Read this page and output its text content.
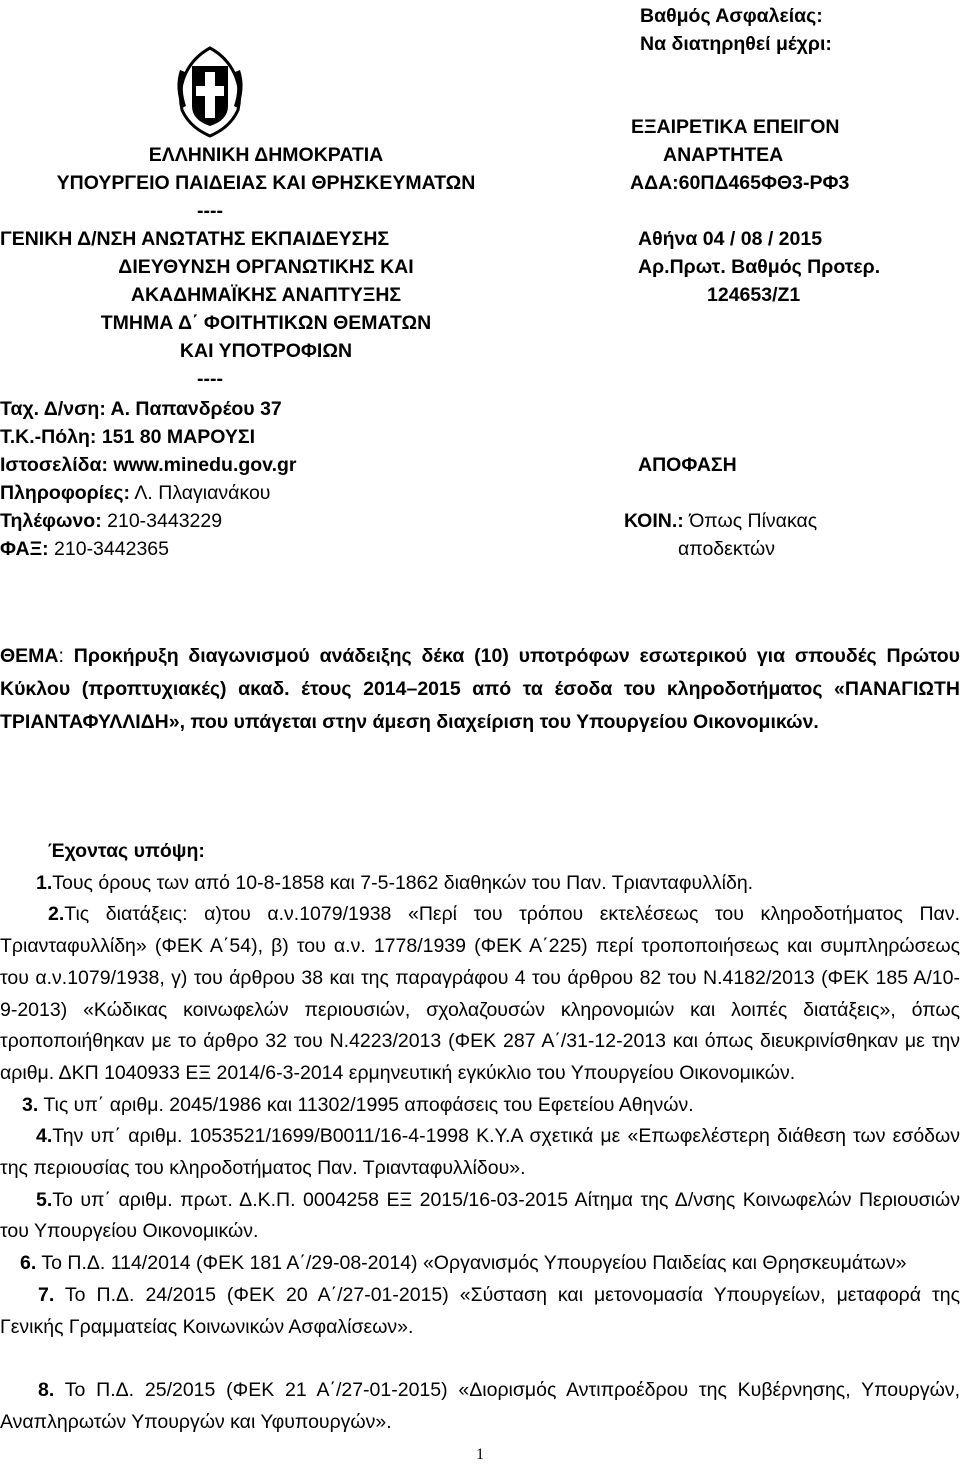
Βαθμός Ασφαλείας:
Να διατηρηθεί μέχρι:
ΕΞΑΙΡΕΤΙΚΑ ΕΠΕΙΓΟΝ
ΑΝΑΡΤΗΤΕΑ
ΑΔΑ:60ΠΔ465ΦΘ3-ΡΦ3
ΕΛΛΗΝΙΚΗ ΔΗΜΟΚΡΑΤΙΑ
ΥΠΟΥΡΓΕΙΟ ΠΑΙΔΕΙΑΣ ΚΑΙ ΘΡΗΣΚΕΥΜΑΤΩΝ
----
ΓΕΝΙΚΗ Δ/ΝΣΗ ΑΝΩΤΑΤΗΣ ΕΚΠΑΙΔΕΥΣΗΣ
ΔΙΕΥΘΥΝΣΗ ΟΡΓΑΝΩΤΙΚΗΣ ΚΑΙ
ΑΚΑΔΗΜΑΪΚΗΣ ΑΝΑΠΤΥΞΗΣ
ΤΜΗΜΑ Δ΄ ΦΟΙΤΗΤΙΚΩΝ ΘΕΜΑΤΩΝ
ΚΑΙ ΥΠΟΤΡΟΦΙΩΝ
----
Ταχ. Δ/νση: Α. Παπανδρέου 37
Τ.Κ.-Πόλη: 151 80 ΜΑΡΟΥΣΙ
Ιστοσελίδα: www.minedu.gov.gr
Πληροφορίες: Λ. Πλαγιανάκου
Τηλέφωνο: 210-3443229
ΦΑΞ: 210-3442365
Αθήνα 04 / 08 / 2015
Αρ.Πρωτ. Βαθμός Προτερ.
124653/Ζ1
ΑΠΟΦΑΣΗ
ΚΟΙΝ.: Όπως Πίνακας
αποδεκτών
ΘΕΜΑ: Προκήρυξη διαγωνισμού ανάδειξης δέκα (10) υποτρόφων εσωτερικού για σπουδές Πρώτου Κύκλου (προπτυχιακές) ακαδ. έτους 2014–2015 από τα έσοδα του κληροδοτήματος «ΠΑΝΑΓΙΩΤΗ ΤΡΙΑΝΤΑΦΥΛΛΙΔΗ», που υπάγεται στην άμεση διαχείριση του Υπουργείου Οικονομικών.

Έχοντας υπόψη:

1.Τους όρους των από 10-8-1858 και 7-5-1862 διαθηκών του Παν. Τριανταφυλλίδη.

2.Τις διατάξεις: α)του α.ν.1079/1938 «Περί του τρόπου εκτελέσεως του κληροδοτήματος Παν. Τριανταφυλλίδη» (ΦΕΚ Α΄54), β) του α.ν. 1778/1939 (ΦΕΚ Α΄225) περί τροποποιήσεως και συμπληρώσεως του α.ν.1079/1938, γ) του άρθρου 38 και της παραγράφου 4 του άρθρου 82 του Ν.4182/2013 (ΦΕΚ 185 Α/10-9-2013) «Κώδικας κοινωφελών περιουσιών, σχολαζουσών κληρονομιών και λοιπές διατάξεις», όπως τροποποιήθηκαν με το άρθρο 32 του Ν.4223/2013 (ΦΕΚ 287 Α΄/31-12-2013 και όπως διευκρινίσθηκαν με την αριθμ. ΔΚΠ 1040933 ΕΞ 2014/6-3-2014 ερμηνευτική εγκύκλιο του Υπουργείου Οικονομικών.

3. Τις υπ΄ αριθμ. 2045/1986 και 11302/1995 αποφάσεις του Εφετείου Αθηνών.

4.Την υπ΄ αριθμ. 1053521/1699/Β0011/16-4-1998 Κ.Υ.Α σχετικά με «Επωφελέστερη διάθεση των εσόδων της περιουσίας του κληροδοτήματος Παν. Τριανταφυλλίδου».

5.Το υπ΄ αριθμ. πρωτ. Δ.Κ.Π. 0004258 ΕΞ 2015/16-03-2015 Αίτημα της Δ/νσης Κοινωφελών Περιουσιών του Υπουργείου Οικονομικών.

6. Το Π.Δ. 114/2014 (ΦΕΚ 181 Α΄/29-08-2014) «Οργανισμός Υπουργείου Παιδείας και Θρησκευμάτων»

7. Το Π.Δ. 24/2015 (ΦΕΚ 20 Α΄/27-01-2015) «Σύσταση και μετονομασία Υπουργείων, μεταφορά της Γενικής Γραμματείας Κοινωνικών Ασφαλίσεων».

8. Το Π.Δ. 25/2015 (ΦΕΚ 21 Α΄/27-01-2015) «Διορισμός Αντιπροέδρου της Κυβέρνησης, Υπουργών, Αναπληρωτών Υπουργών και Υφυπουργών».

1
